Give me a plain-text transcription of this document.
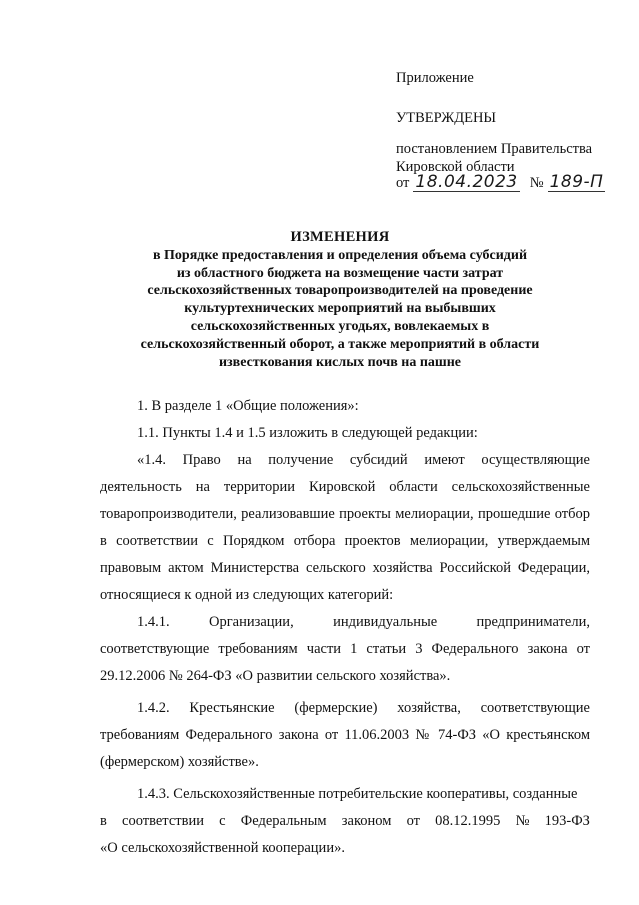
Приложение
УТВЕРЖДЕНЫ
постановлением Правительства
Кировской области
от 18.04.2023 № 189-П
ИЗМЕНЕНИЯ
в Порядке предоставления и определения объема субсидий
из областного бюджета на возмещение части затрат
сельскохозяйственных товаропроизводителей на проведение
культуртехнических мероприятий на выбывших
сельскохозяйственных угодьях, вовлекаемых в
сельскохозяйственный оборот, а также мероприятий в области
известкования кислых почв на пашне

1. В разделе 1 «Общие положения»:

1.1. Пункты 1.4 и 1.5 изложить в следующей редакции:

«1.4. Право на получение субсидий имеют осуществляющие

деятельность на территории Кировской области сельскохозяйственные товаропроизводители, реализовавшие проекты мелиорации, прошедшие отбор в соответствии с Порядком отбора проектов мелиорации, утверждаемым правовым актом Министерства сельского хозяйства Российской Федерации, относящиеся к одной из следующих категорий:

1.4.1.	Организации,	индивидуальные	предприниматели,

соответствующие требованиям части 1 статьи 3 Федерального закона от 29.12.2006 № 264-ФЗ «О развитии сельского хозяйства».

1.4.2. Крестьянские (фермерские) хозяйства, соответствующие

требованиям Федерального закона от 11.06.2003 № 74-ФЗ «О крестьянском (фермерском) хозяйстве».

1.4.3. Сельскохозяйственные потребительские кооперативы, созданные

в соответствии с Федеральным законом от 08.12.1995 № 193-ФЗ

«О сельскохозяйственной кооперации».
